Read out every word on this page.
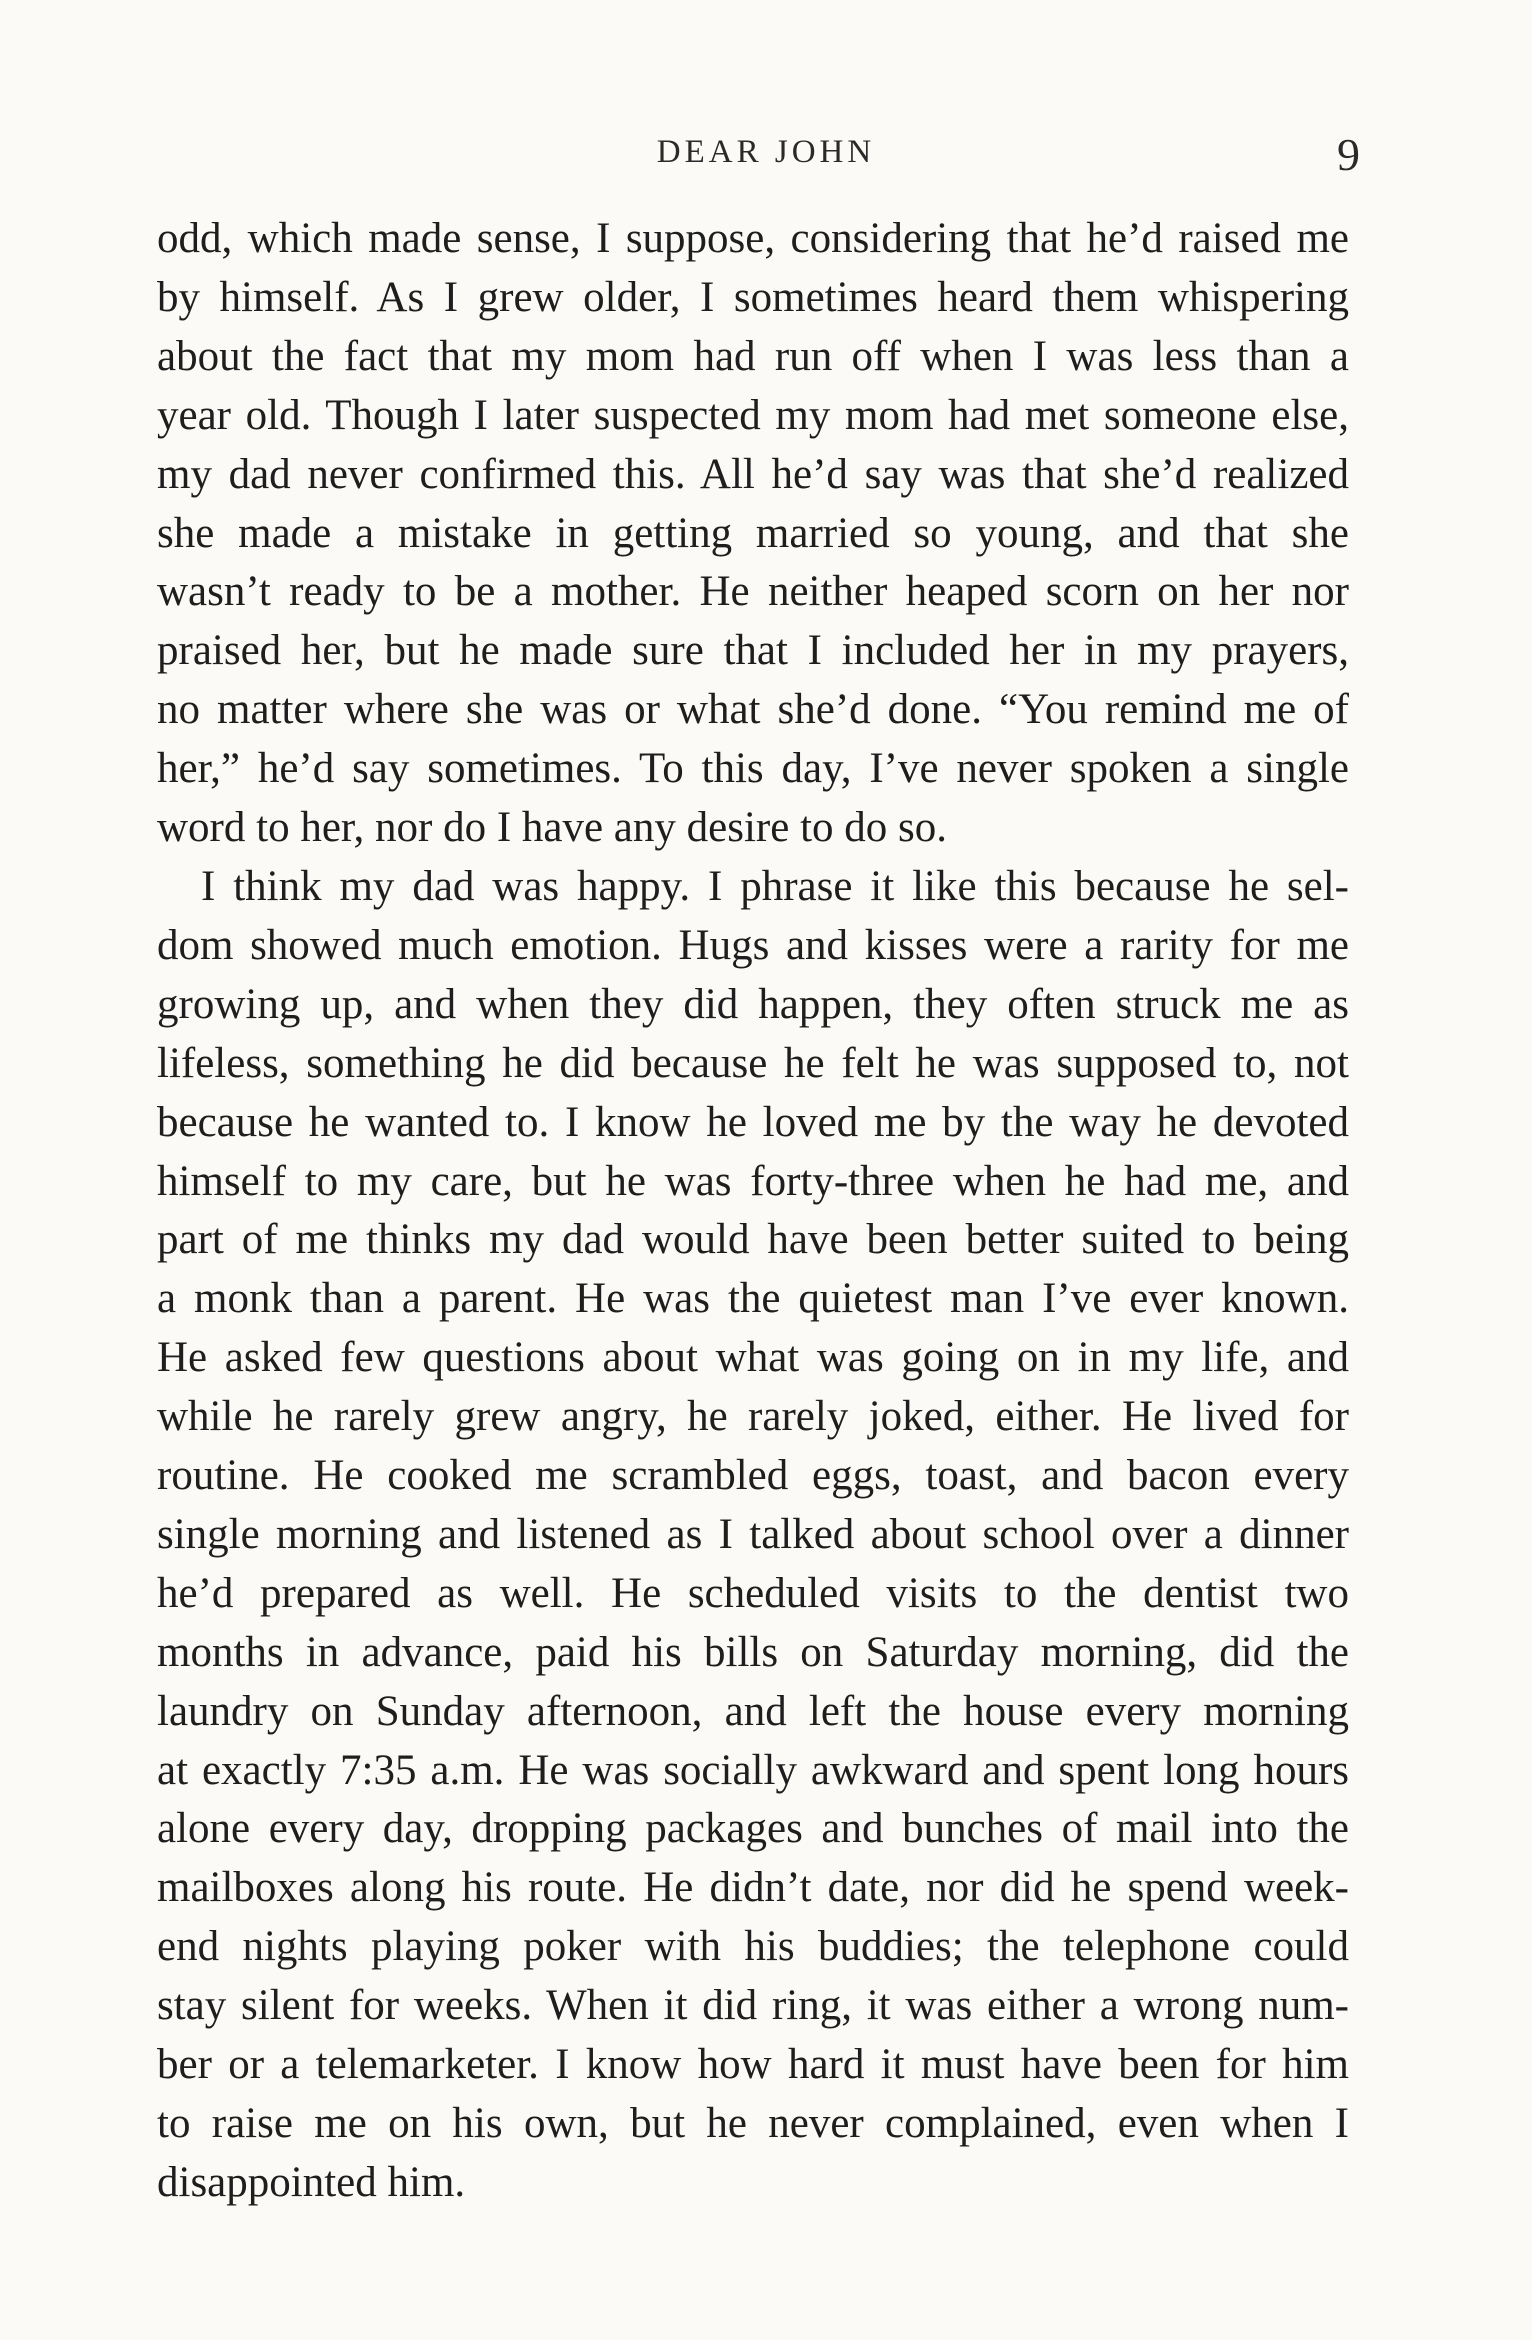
DEAR JOHN	9

odd, which made sense, I suppose, considering that he’d raised me
by himself. As I grew older, I sometimes heard them whispering
about the fact that my mom had run off when I was less than a
year old. Though I later suspected my mom had met someone else,
my dad never confirmed this. All he’d say was that she’d realized
she made a mistake in getting married so young, and that she
wasn’t ready to be a mother. He neither heaped scorn on her nor
praised her, but he made sure that I included her in my prayers,
no matter where she was or what she’d done. “You remind me of
her,” he’d say sometimes. To this day, I’ve never spoken a single
word to her, nor do I have any desire to do so.

I think my dad was happy. I phrase it like this because he sel-
dom showed much emotion. Hugs and kisses were a rarity for me
growing up, and when they did happen, they often struck me as
lifeless, something he did because he felt he was supposed to, not
because he wanted to. I know he loved me by the way he devoted
himself to my care, but he was forty-three when he had me, and
part of me thinks my dad would have been better suited to being
a monk than a parent. He was the quietest man I’ve ever known.
He asked few questions about what was going on in my life, and
while he rarely grew angry, he rarely joked, either. He lived for
routine. He cooked me scrambled eggs, toast, and bacon every
single morning and listened as I talked about school over a dinner
he’d prepared as well. He scheduled visits to the dentist two
months in advance, paid his bills on Saturday morning, did the
laundry on Sunday afternoon, and left the house every morning
at exactly 7:35 a.m. He was socially awkward and spent long hours
alone every day, dropping packages and bunches of mail into the
mailboxes along his route. He didn’t date, nor did he spend week-
end nights playing poker with his buddies; the telephone could
stay silent for weeks. When it did ring, it was either a wrong num-
ber or a telemarketer. I know how hard it must have been for him
to raise me on his own, but he never complained, even when I
disappointed him.
